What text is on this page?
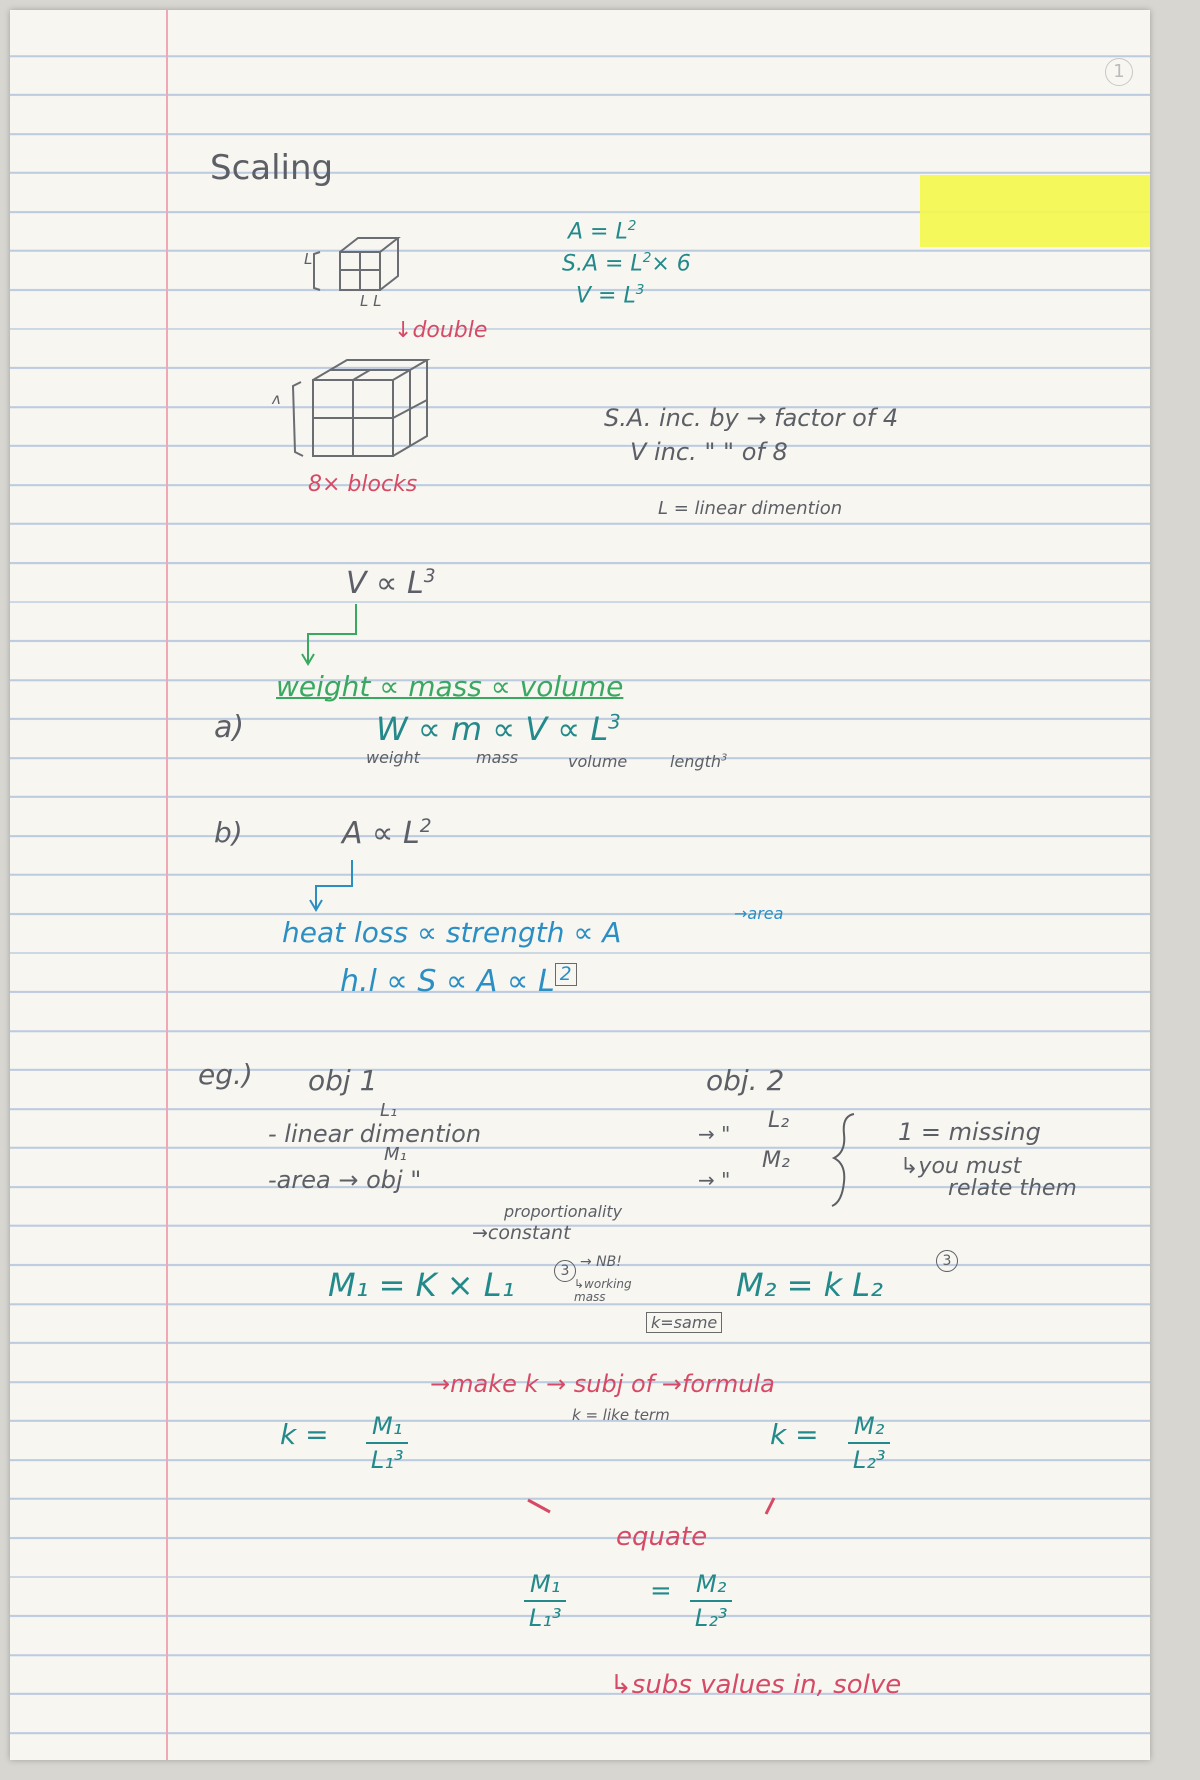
1
Scaling
L
L L
$A = L^2$
$S.A = L^2\times 6$
$V = L^3$
↓double
ʌ
8× blocks
S.A. inc. by → factor of 4
V inc. " " of 8
L = linear dimention
$V \propto L^3$
weight ∝ mass ∝ volume
a)	$W \propto m \propto V \propto L^3$
weight	mass	volume	length$^3$
b)	$A \propto L^2$
heat loss ∝ strength ∝ A
→area
h.l ∝ S ∝ A ∝ L $^2$
eg.) obj 1	obj. 2
L₁	L₂
- linear dimention	→ "
M₁	M₂
-area → obj "	→ "
1 = missing
↳you must
relate them
proportionality
→constant
M₁ = K × L₁	3
→ NB!
↳working mass	M₂ = k L₂
3
k=same
→make k → subj of →formula
k = like term
$k = \frac{\text{M₁}}{\text{L₁³}}$	$k = \frac{\text{M₂}}{\text{L₂³}}$
equate
$\frac{\text{M₁}}{\text{L₁³}}$	= $\frac{\text{M₂}}{\text{L₂³}}$
↳subs values in, solve
